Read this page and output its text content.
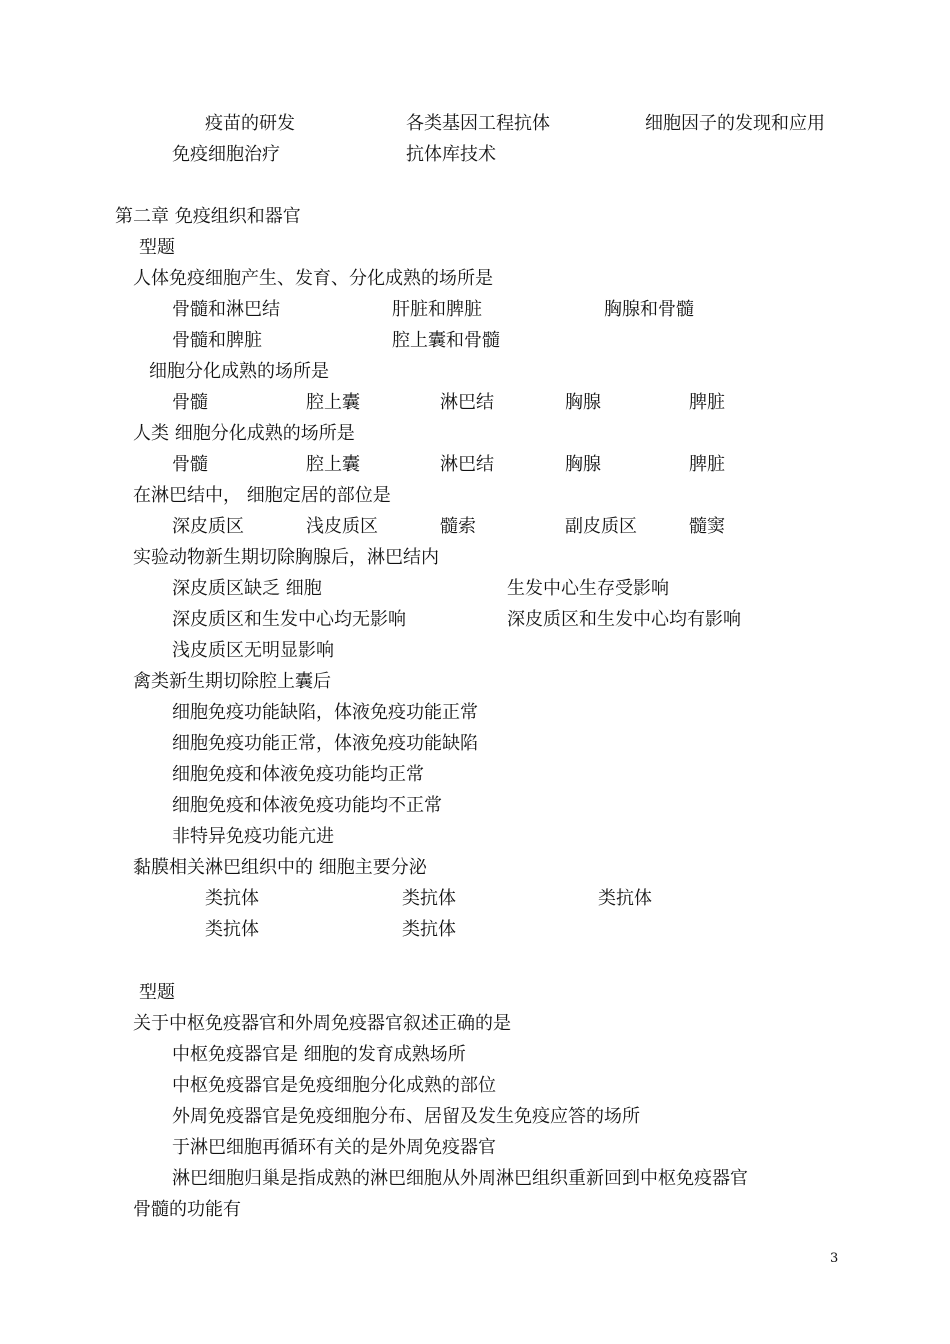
疫苗的研发	各类基因工程抗体	细胞因子的发现和应用
免疫细胞治疗	抗体库技术
第二章 免疫组织和器官
型题
人体免疫细胞产生、发育、分化成熟的场所是
骨髓和淋巴结	肝脏和脾脏	胸腺和骨髓
骨髓和脾脏	腔上囊和骨髓
细胞分化成熟的场所是
骨髓	腔上囊	淋巴结	胸腺	脾脏
人类 细胞分化成熟的场所是
骨髓	腔上囊	淋巴结	胸腺	脾脏
在淋巴结中， 细胞定居的部位是
深皮质区	浅皮质区	髓索	副皮质区	髓窦
实验动物新生期切除胸腺后，淋巴结内
深皮质区缺乏 细胞	生发中心生存受影响
深皮质区和生发中心均无影响	深皮质区和生发中心均有影响
浅皮质区无明显影响
禽类新生期切除腔上囊后
细胞免疫功能缺陷，体液免疫功能正常
细胞免疫功能正常，体液免疫功能缺陷
细胞免疫和体液免疫功能均正常
细胞免疫和体液免疫功能均不正常
非特异免疫功能亢进
黏膜相关淋巴组织中的 细胞主要分泌
类抗体	类抗体	类抗体
类抗体	类抗体
型题
关于中枢免疫器官和外周免疫器官叙述正确的是
中枢免疫器官是 细胞的发育成熟场所
中枢免疫器官是免疫细胞分化成熟的部位
外周免疫器官是免疫细胞分布、居留及发生免疫应答的场所
于淋巴细胞再循环有关的是外周免疫器官
淋巴细胞归巢是指成熟的淋巴细胞从外周淋巴组织重新回到中枢免疫器官
骨髓的功能有
3
